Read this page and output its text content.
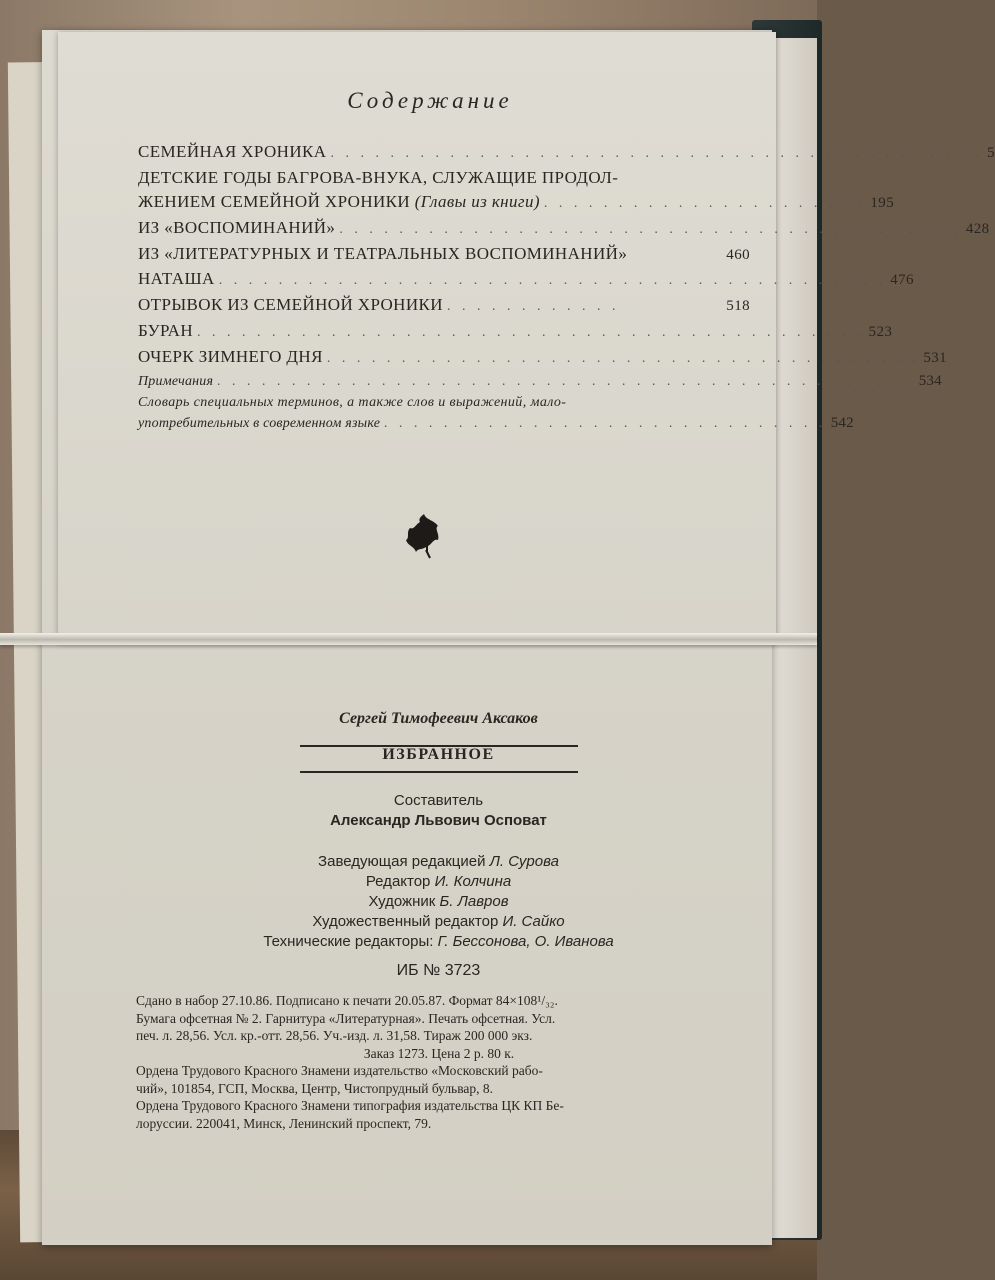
Содержание
СЕМЕЙНАЯ ХРОНИКА . . . . . . . . . . . . . . . . . . . . . . . . . . . . . . . . . . . . . . . . . . . . 5
ДЕТСКИЕ ГОДЫ БАГРОВА-ВНУКА, СЛУЖАЩИЕ ПРОДОЛ-
ЖЕНИЕМ СЕМЕЙНОЙ ХРОНИКИ (Главы из книги) . . . . . . . . . . . . . . . . . . . . . . 195
ИЗ «ВОСПОМИНАНИЙ» . . . . . . . . . . . . . . . . . . . . . . . . . . . . . . . . . . . . . . . . . . 428
ИЗ «ЛИТЕРАТУРНЫХ И ТЕАТРАЛЬНЫХ ВОСПОМИНАНИЙ»	460
НАТАША . . . . . . . . . . . . . . . . . . . . . . . . . . . . . . . . . . . . . . . . . . . . . 476
ОТРЫВОК ИЗ СЕМЕЙНОЙ ХРОНИКИ . . . . . . . . . . . .	518
БУРАН . . . . . . . . . . . . . . . . . . . . . . . . . . . . . . . . . . . . . . . . . . . . . 523
ОЧЕРК ЗИМНЕГО ДНЯ . . . . . . . . . . . . . . . . . . . . . . . . . . . . . . . . . . . . . . . . 531
Примечания . . . . . . . . . . . . . . . . . . . . . . . . . . . . . . . . . . . . . . . . . . . . . . . 534
Словарь специальных терминов, а также слов и выражений, мало-
употребительных в современном языке . . . . . . . . . . . . . . . . . . . . . . . . . . . . . . 542
Сергей Тимофеевич Аксаков
ИЗБРАННОЕ
Составитель
Александр Львович Осповат
Заведующая редакцией Л. Сурова
Редактор И. Колчина
Художник Б. Лавров
Художественный редактор И. Сайко
Технические редакторы: Г. Бессонова, О. Иванова
ИБ № 3723

Сдано в набор 27.10.86. Подписано к печати 20.05.87. Формат 84×108¹/₃₂.

Бумага офсетная № 2. Гарнитура «Литературная». Печать офсетная. Усл.

печ. л. 28,56. Усл. кр.-отт. 28,56. Уч.-изд. л. 31,58. Тираж 200 000 экз.

Заказ 1273. Цена 2 р. 80 к.

Ордена Трудового Красного Знамени издательство «Московский рабо-

чий», 101854, ГСП, Москва, Центр, Чистопрудный бульвар, 8.

Ордена Трудового Красного Знамени типография издательства ЦК КП Бе-

лоруссии. 220041, Минск, Ленинский проспект, 79.
